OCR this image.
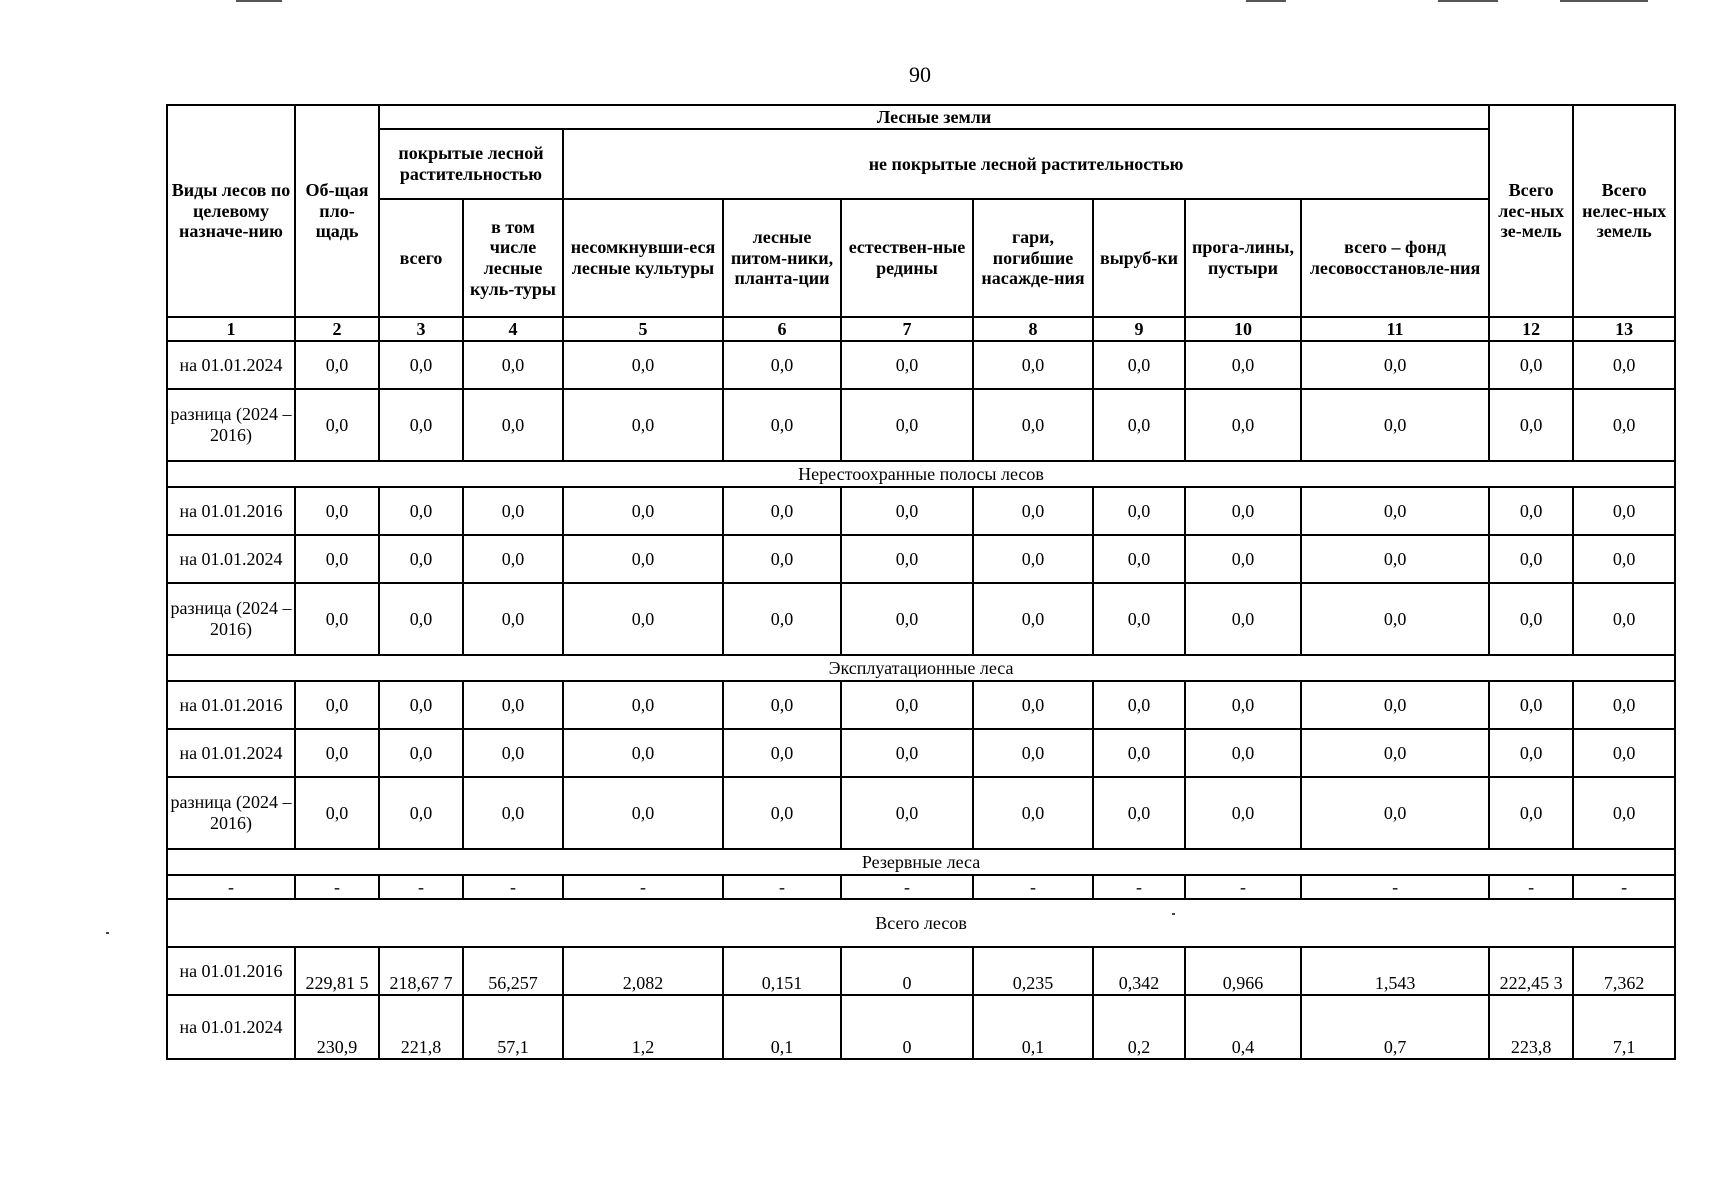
90
Виды лесов по целевому назначе-нию	Об-щая пло-щадь	Лесные земли									Всего лес-ных зе-мель	Всего нелес-ных земель
		покрытые лесной растительностью		не покрытые лесной растительностью								
		всего	в том числе лесные куль-туры	несомкнувши-еся лесные культуры	лесные питом-ники, планта-ции	естествен-ные редины	гари, погибшие насажде-ния	выруб-ки	прога-лины, пустыри	всего – фонд лесовосстановле-ния		
1	2	3	4	5	6	7	8	9	10	11	12	13
на 01.01.2024	0,0	0,0	0,0	0,0	0,0	0,0	0,0	0,0	0,0	0,0	0,0	0,0
разница (2024 – 2016)	0,0	0,0	0,0	0,0	0,0	0,0	0,0	0,0	0,0	0,0	0,0	0,0
Нерестоохранные полосы лесов												
на 01.01.2016	0,0	0,0	0,0	0,0	0,0	0,0	0,0	0,0	0,0	0,0	0,0	0,0
на 01.01.2024	0,0	0,0	0,0	0,0	0,0	0,0	0,0	0,0	0,0	0,0	0,0	0,0
разница (2024 – 2016)	0,0	0,0	0,0	0,0	0,0	0,0	0,0	0,0	0,0	0,0	0,0	0,0
Эксплуатационные леса												
на 01.01.2016	0,0	0,0	0,0	0,0	0,0	0,0	0,0	0,0	0,0	0,0	0,0	0,0
на 01.01.2024	0,0	0,0	0,0	0,0	0,0	0,0	0,0	0,0	0,0	0,0	0,0	0,0
разница (2024 – 2016)	0,0	0,0	0,0	0,0	0,0	0,0	0,0	0,0	0,0	0,0	0,0	0,0
Резервные леса												
-	-	-	-	-	-	-	-	-	-	-	-	-
Всего лесов												
на 01.01.2016	229,81 5	218,67 7	56,257	2,082	0,151	0	0,235	0,342	0,966	1,543	222,45 3	7,362
на 01.01.2024	230,9	221,8	57,1	1,2	0,1	0	0,1	0,2	0,4	0,7	223,8	7,1
